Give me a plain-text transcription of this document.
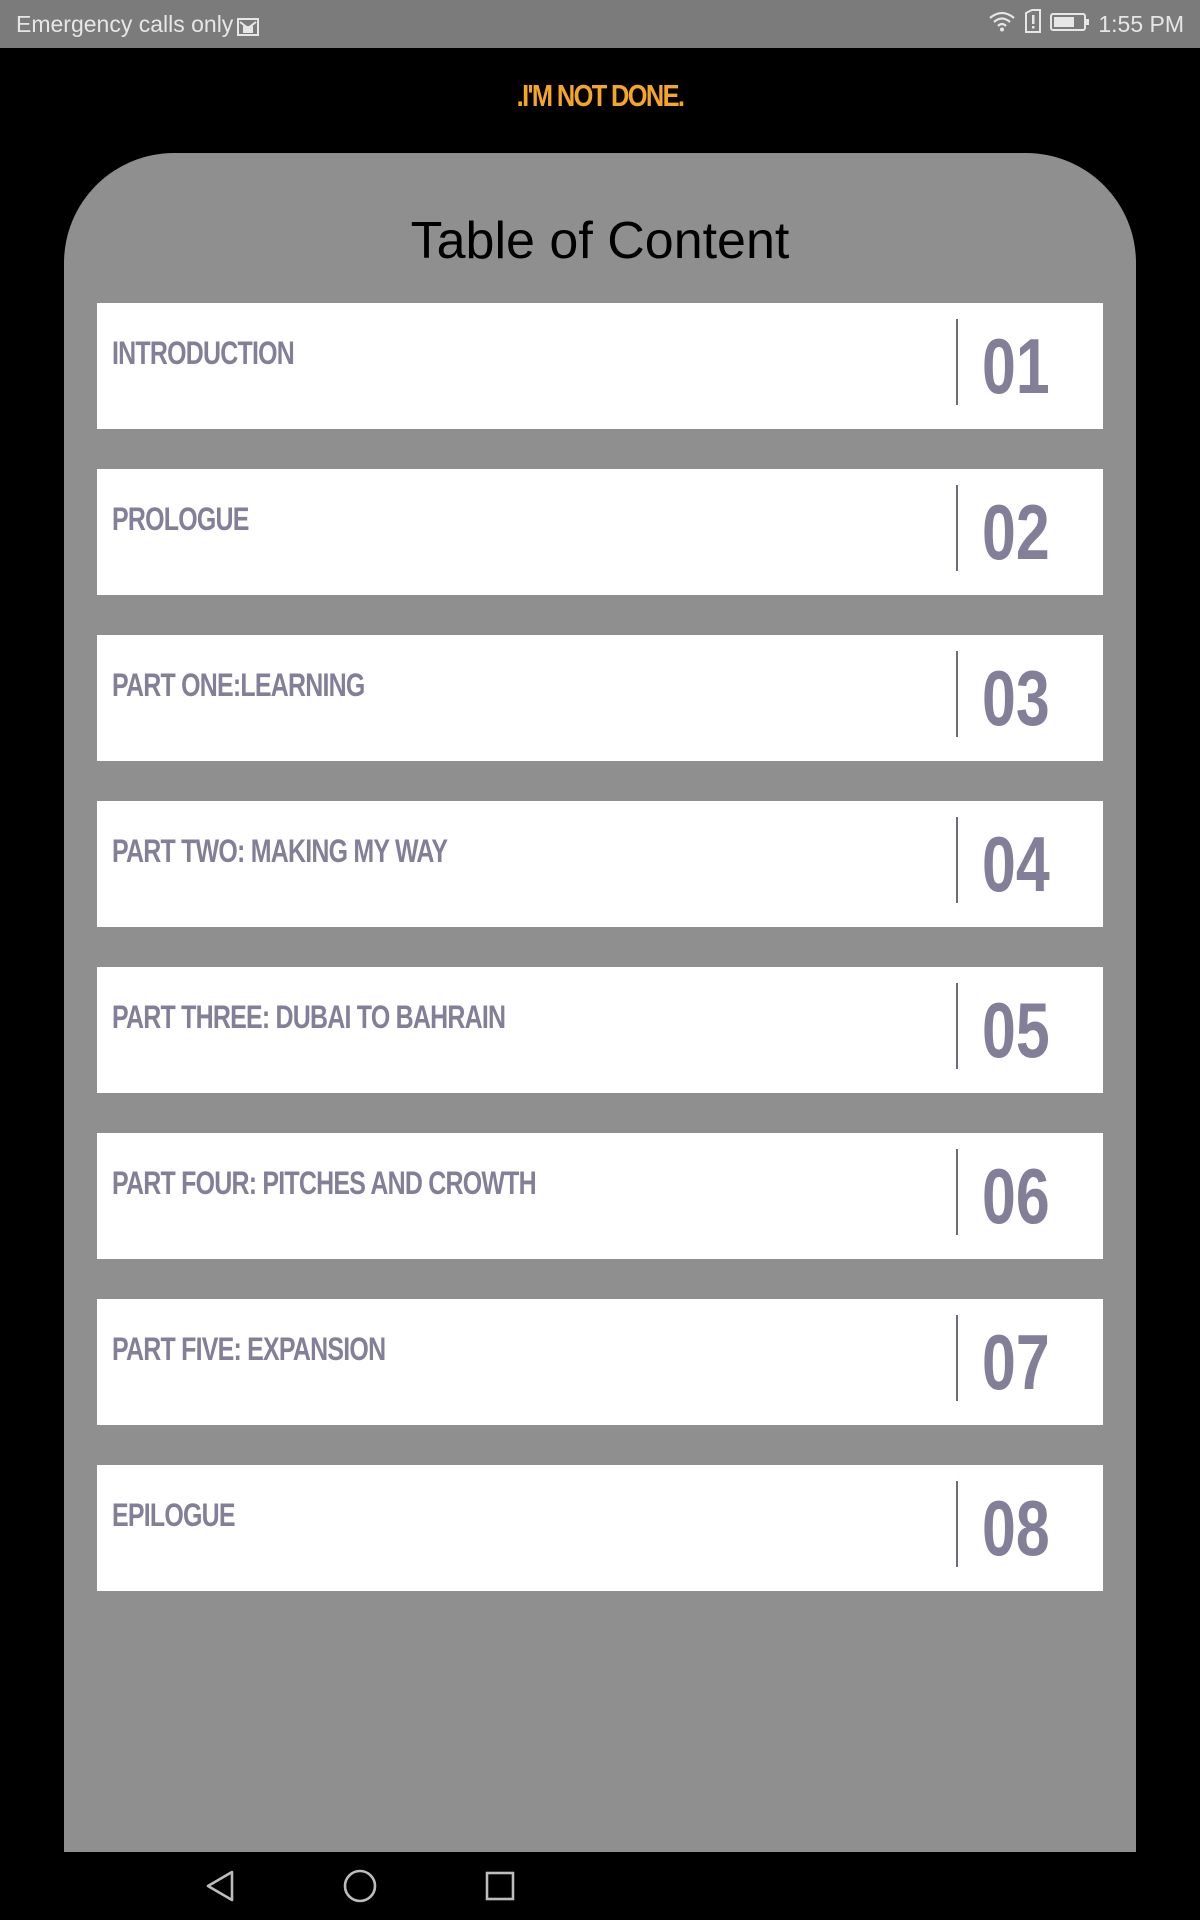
Emergency calls only	1:55 PM
.I'M NOT DONE.
Table of Content
INTRODUCTION	01
PROLOGUE	02
PART ONE:LEARNING	03
PART TWO: MAKING MY WAY	04
PART THREE: DUBAI TO BAHRAIN	05
PART FOUR: PITCHES AND CROWTH	06
PART FIVE: EXPANSION	07
EPILOGUE	08
